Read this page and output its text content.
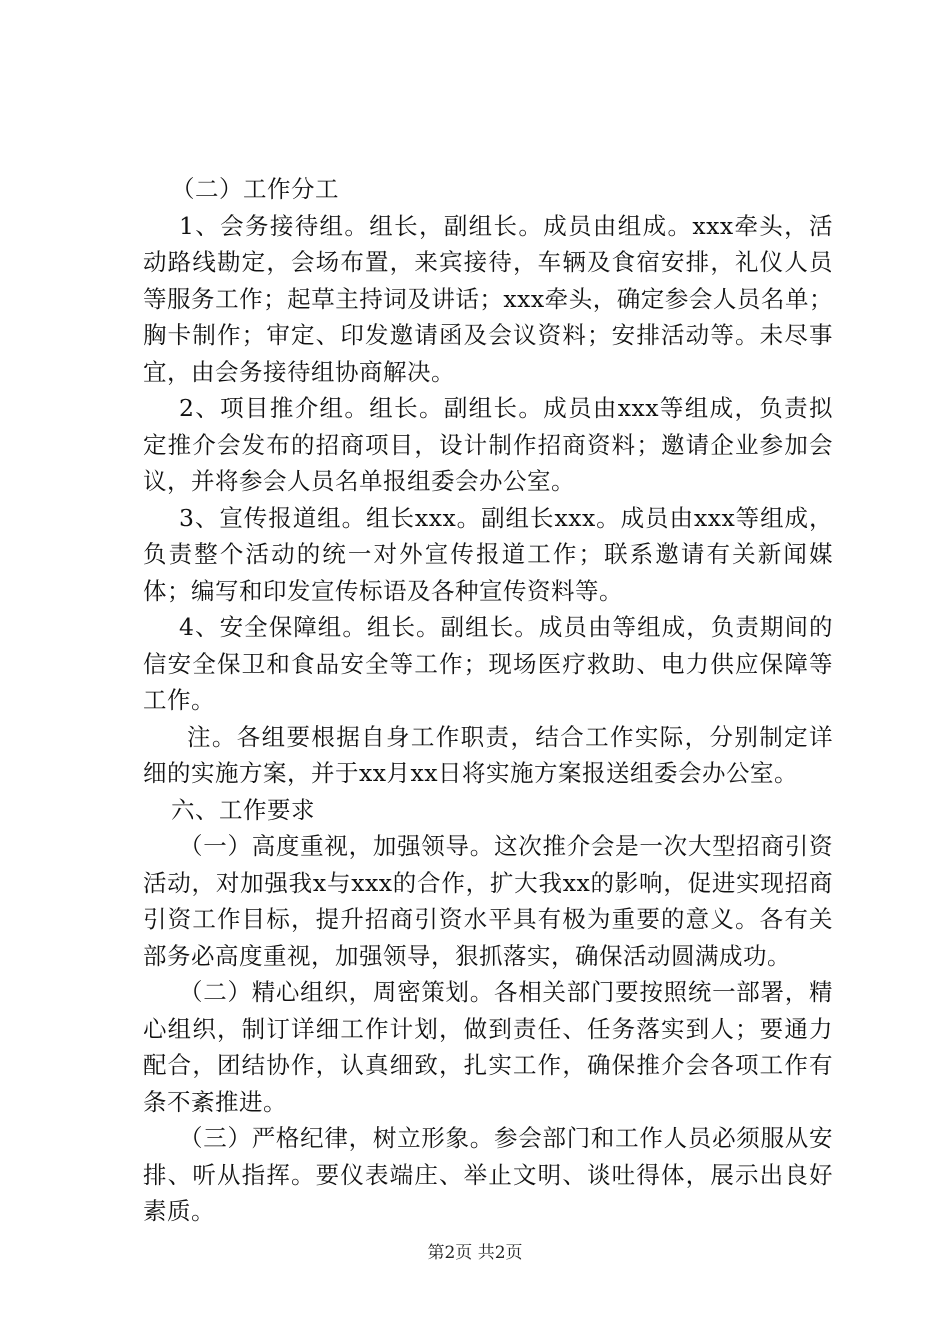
（二）工作分工

1、会务接待组。组长，副组长。成员由组成。xxx牵头，活动路线勘定，会场布置，来宾接待，车辆及食宿安排，礼仪人员等服务工作；起草主持词及讲话；xxx牵头，确定参会人员名单；胸卡制作；审定、印发邀请函及会议资料；安排活动等。未尽事宜，由会务接待组协商解决。

2、项目推介组。组长。副组长。成员由xxx等组成，负责拟定推介会发布的招商项目，设计制作招商资料；邀请企业参加会议，并将参会人员名单报组委会办公室。

3、宣传报道组。组长xxx。副组长xxx。成员由xxx等组成，负责整个活动的统一对外宣传报道工作；联系邀请有关新闻媒体；编写和印发宣传标语及各种宣传资料等。

4、安全保障组。组长。副组长。成员由等组成，负责期间的信安全保卫和食品安全等工作；现场医疗救助、电力供应保障等工作。

注。各组要根据自身工作职责，结合工作实际，分别制定详细的实施方案，并于xx月xx日将实施方案报送组委会办公室。

六、工作要求

（一）高度重视，加强领导。这次推介会是一次大型招商引资活动，对加强我x与xxx的合作，扩大我xx的影响，促进实现招商引资工作目标，提升招商引资水平具有极为重要的意义。各有关部务必高度重视，加强领导，狠抓落实，确保活动圆满成功。

（二）精心组织，周密策划。各相关部门要按照统一部署，精心组织，制订详细工作计划，做到责任、任务落实到人；要通力配合，团结协作，认真细致，扎实工作，确保推介会各项工作有条不紊推进。

（三）严格纪律，树立形象。参会部门和工作人员必须服从安排、听从指挥。要仪表端庄、举止文明、谈吐得体，展示出良好素质。

第2页 共2页
